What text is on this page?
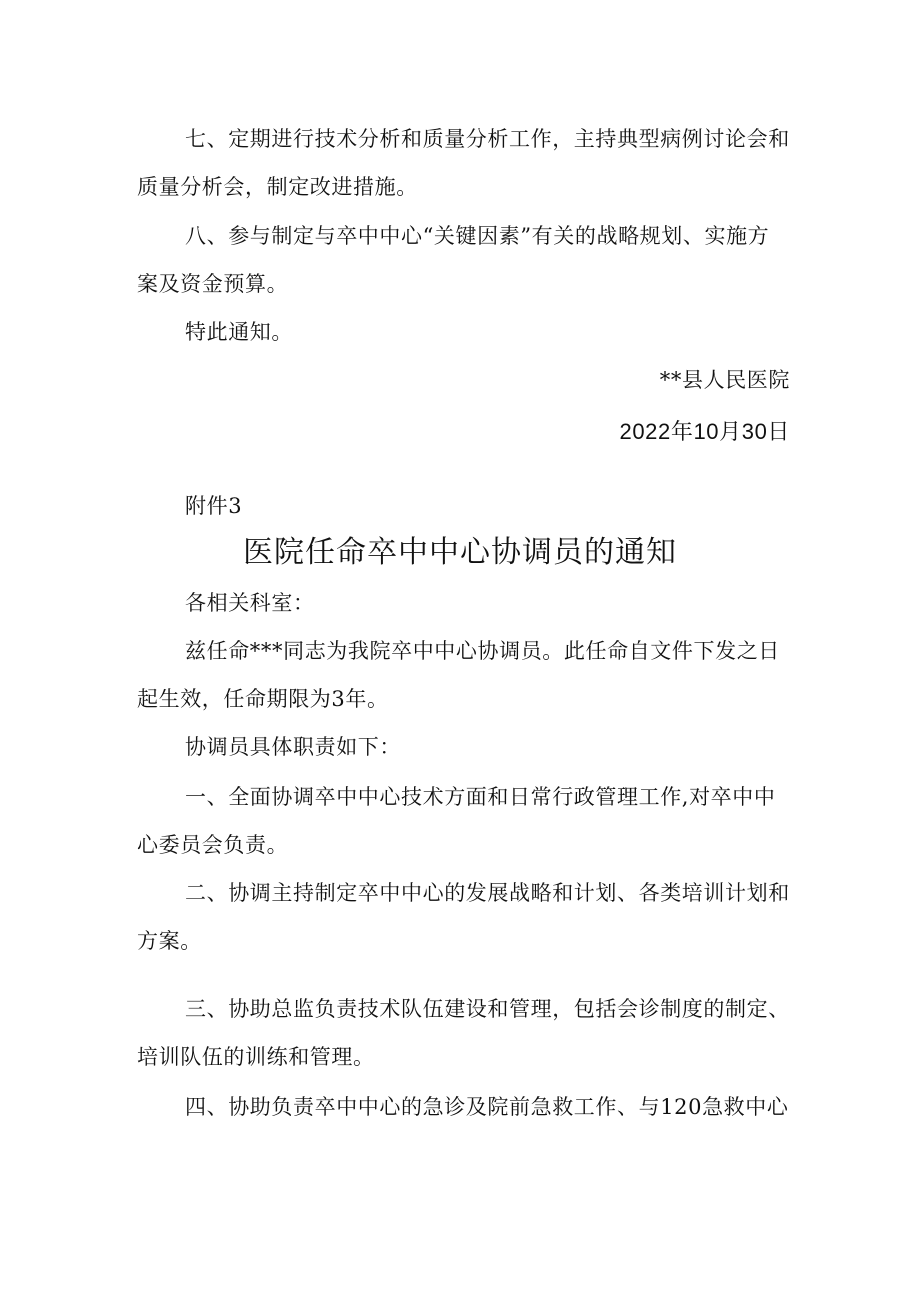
七、定期进行技术分析和质量分析工作，主持典型病例讨论会和
质量分析会，制定改进措施。
八、参与制定与卒中中心“关键因素”有关的战略规划、实施方
案及资金预算。
特此通知。
**县人民医院
2022年10月30日
附件3
医院任命卒中中心协调员的通知
各相关科室：
兹任命***同志为我院卒中中心协调员。此任命自文件下发之日
起生效，任命期限为3年。
协调员具体职责如下：
一、全面协调卒中中心技术方面和日常行政管理工作,对卒中中
心委员会负责。
二、协调主持制定卒中中心的发展战略和计划、各类培训计划和
方案。
三、协助总监负责技术队伍建设和管理，包括会诊制度的制定、
培训队伍的训练和管理。
四、协助负责卒中中心的急诊及院前急救工作、与120急救中心
